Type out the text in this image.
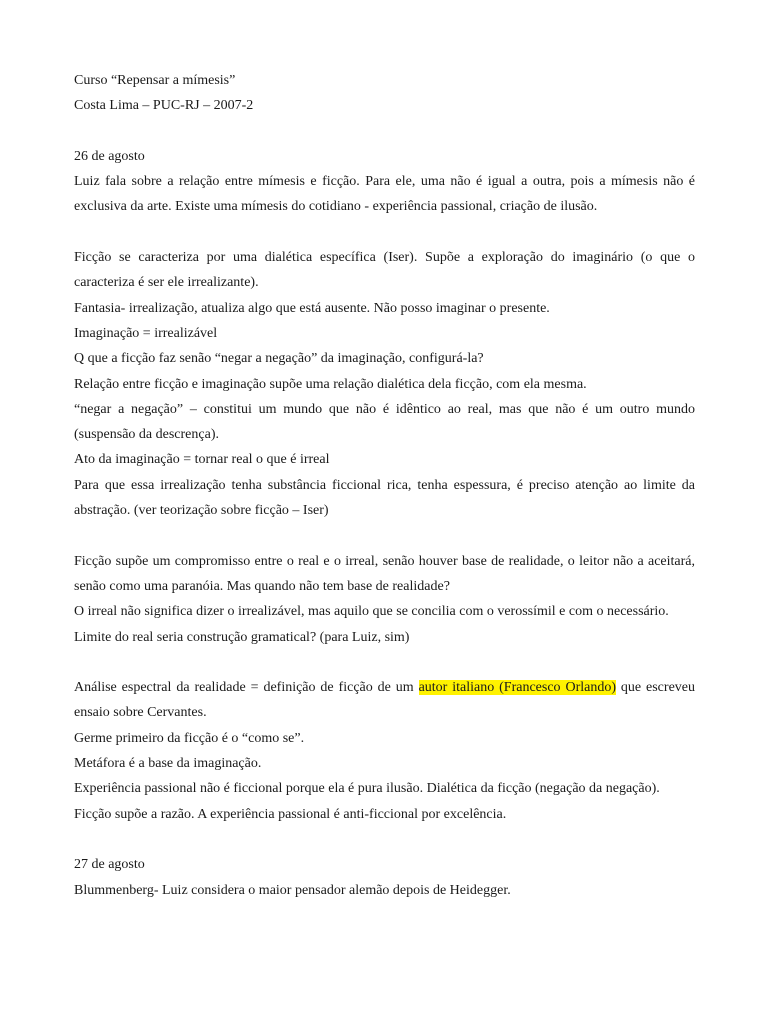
Curso “Repensar a mímesis”

Costa Lima – PUC-RJ – 2007-2

26 de agosto

Luiz fala sobre a relação entre mímesis e ficção. Para ele, uma não é igual a outra, pois a mímesis não é exclusiva da arte. Existe uma mímesis do cotidiano - experiência passional, criação de ilusão.

Ficção se caracteriza por uma dialética específica (Iser). Supõe a exploração do imaginário (o que o caracteriza é ser ele irrealizante).

Fantasia- irrealização, atualiza algo que está ausente. Não posso imaginar o presente.

Imaginação = irrealizável

Q que a ficção faz senão “negar a negação” da imaginação, configurá-la?

Relação entre ficção e imaginação supõe uma relação dialética dela ficção, com ela mesma.

“negar a negação” – constitui um mundo que não é idêntico ao real, mas que não é um outro mundo (suspensão da descrença).

Ato da imaginação = tornar real o que é irreal

Para que essa irrealização tenha substância ficcional rica, tenha espessura, é preciso atenção ao limite da abstração. (ver teorização sobre ficção – Iser)

Ficção supõe um compromisso entre o real e o irreal, senão houver base de realidade, o leitor não a aceitará, senão como uma paranóia. Mas quando não tem base de realidade?

O irreal não significa dizer o irrealizável, mas aquilo que se concilia com o verossímil e com o necessário.

Limite do real seria construção gramatical? (para Luiz, sim)

Análise espectral da realidade = definição de ficção de um autor italiano (Francesco Orlando) que escreveu ensaio sobre Cervantes.

Germe primeiro da ficção é o “como se”.

Metáfora é a base da imaginação.

Experiência passional não é ficcional porque ela é pura ilusão. Dialética da ficção (negação da negação).

Ficção supõe a razão. A experiência passional é anti-ficcional por excelência.

27 de agosto

Blummenberg- Luiz considera o maior pensador alemão depois de Heidegger.
